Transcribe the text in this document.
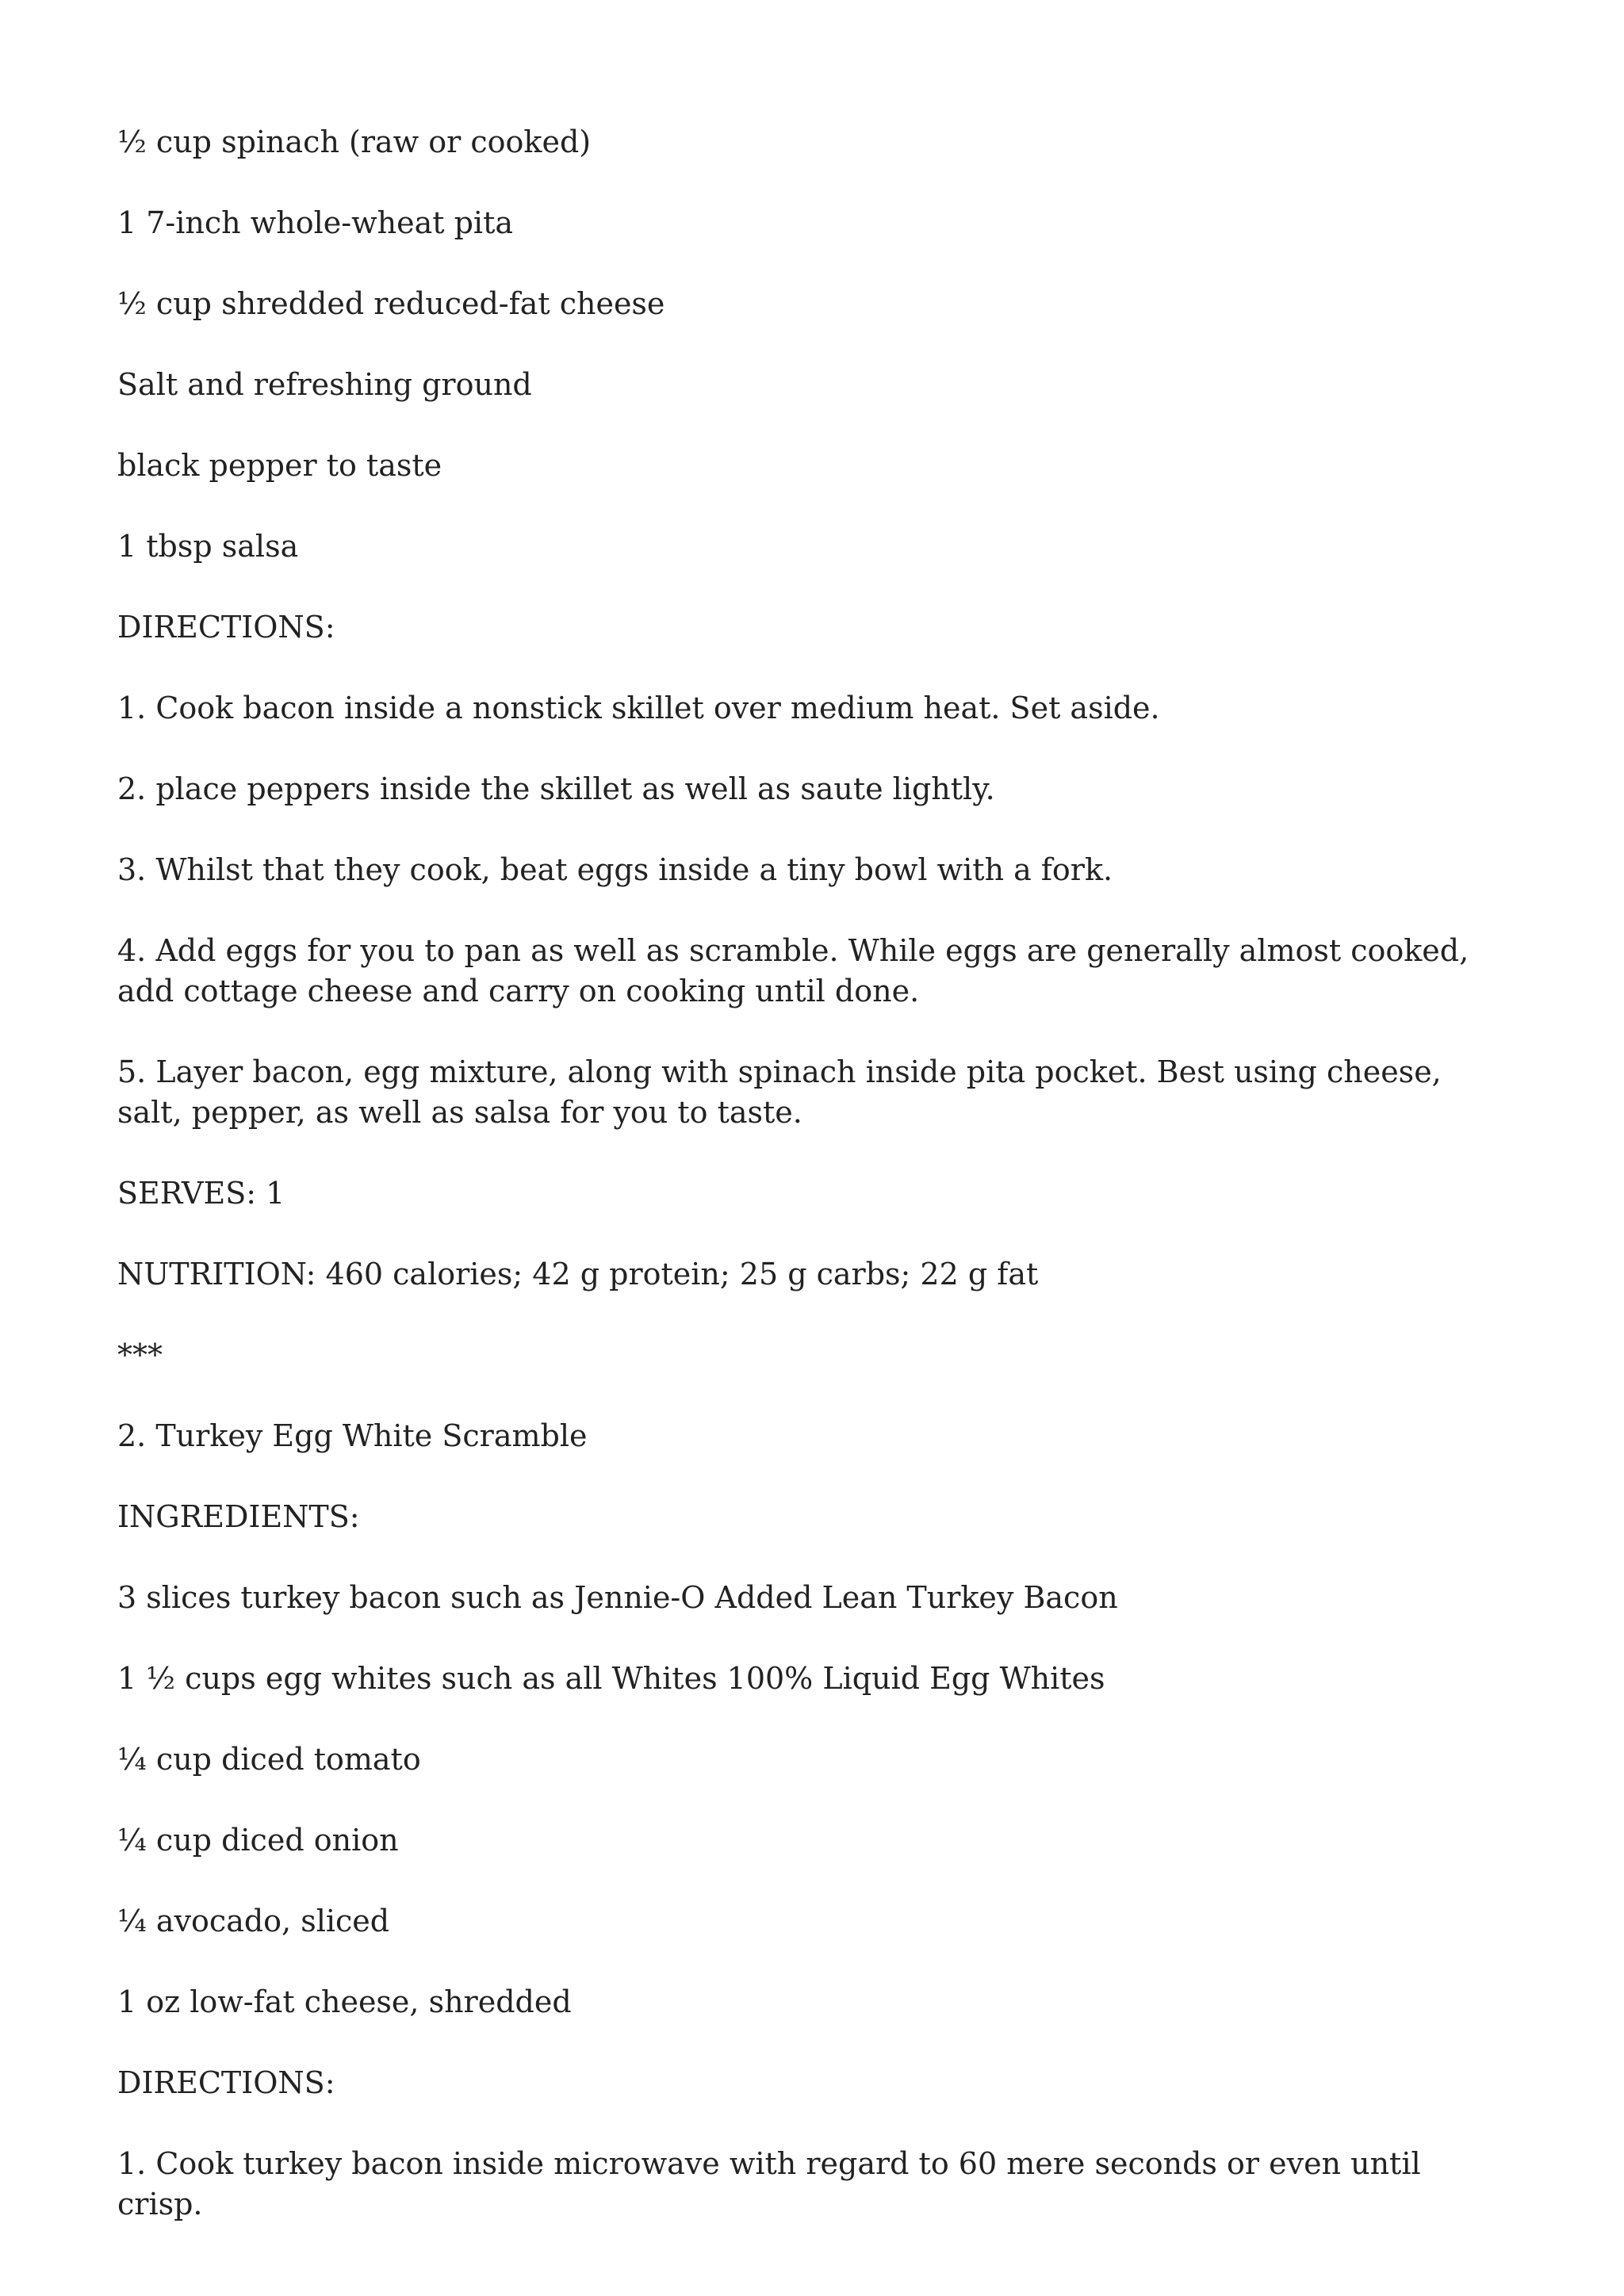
½ cup spinach (raw or cooked)

1 7-inch whole-wheat pita

½ cup shredded reduced-fat cheese

Salt and refreshing ground

black pepper to taste

1 tbsp salsa

DIRECTIONS:

1. Cook bacon inside a nonstick skillet over medium heat. Set aside.

2. place peppers inside the skillet as well as saute lightly.

3. Whilst that they cook, beat eggs inside a tiny bowl with a fork.

4. Add eggs for you to pan as well as scramble. While eggs are generally almost cooked, add cottage cheese and carry on cooking until done.

5. Layer bacon, egg mixture, along with spinach inside pita pocket. Best using cheese, salt, pepper, as well as salsa for you to taste.

SERVES: 1

NUTRITION: 460 calories; 42 g protein; 25 g carbs; 22 g fat

***

2. Turkey Egg White Scramble

INGREDIENTS:

3 slices turkey bacon such as Jennie-O Added Lean Turkey Bacon

1 ½ cups egg whites such as all Whites 100% Liquid Egg Whites

¼ cup diced tomato

¼ cup diced onion

¼ avocado, sliced

1 oz low-fat cheese, shredded

DIRECTIONS:

1. Cook turkey bacon inside microwave with regard to 60 mere seconds or even until crisp.
